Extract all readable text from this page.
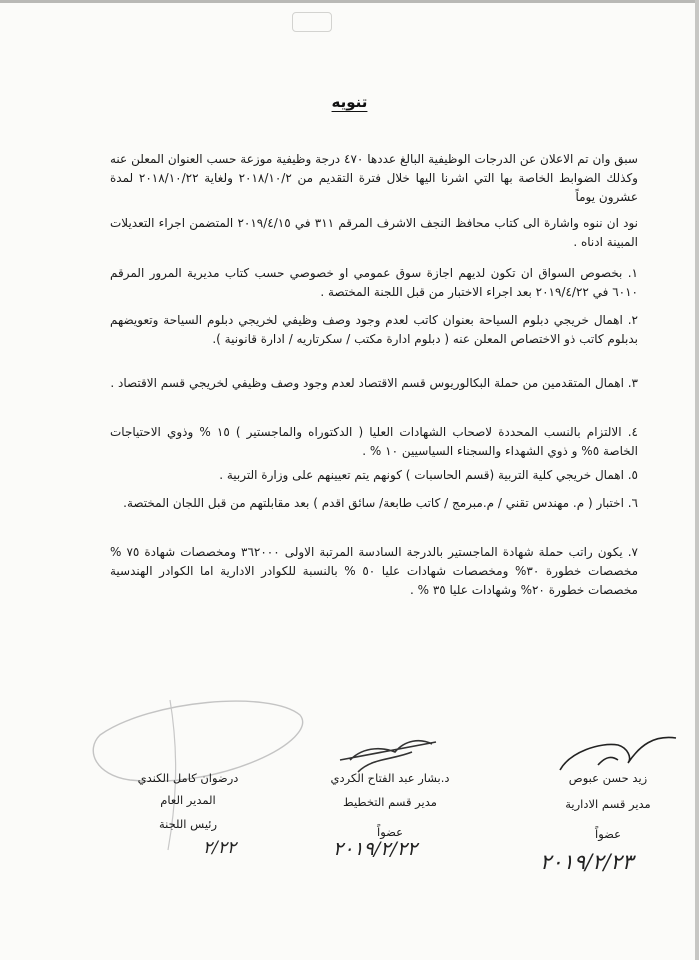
تنويه
سبق وان تم الاعلان عن الدرجات الوظيفية البالغ عددها ٤٧٠ درجة وظيفية موزعة حسب العنوان المعلن عنه وكذلك الضوابط الخاصة بها التي اشرنا اليها خلال فترة التقديم من ٢٠١٨/١٠/٢ ولغاية ٢٠١٨/١٠/٢٢ لمدة عشرون يوماً
نود ان ننوه واشارة الى كتاب محافظ النجف الاشرف المرقم ٣١١ في ٢٠١٩/٤/١٥ المتضمن اجراء التعديلات المبينة ادناه .
١. بخصوص السواق ان تكون لديهم اجازة سوق عمومي او خصوصي حسب كتاب مديرية المرور المرقم ٦٠١٠ في ٢٠١٩/٤/٢٢ بعد اجراء الاختبار من قبل اللجنة المختصة .
٢. اهمال خريجي دبلوم السياحة بعنوان كاتب لعدم وجود وصف وظيفي لخريجي دبلوم السياحة وتعويضهم بدبلوم كاتب ذو الاختصاص المعلن عنه ( دبلوم ادارة مكتب / سكرتاريه / ادارة قانونية ).
٣. اهمال المتقدمين من حملة البكالوريوس قسم الاقتصاد لعدم وجود وصف وظيفي لخريجي قسم الاقتصاد .
٤. الالتزام بالنسب المحددة لاصحاب الشهادات العليا ( الدكتوراه والماجستير ) ١٥ % وذوي الاحتياجات الخاصة ٥% و ذوي الشهداء والسجناء السياسيين ١٠ % .
٥. اهمال خريجي كلية التربية (قسم الحاسبات ) كونهم يتم تعيينهم على وزارة التربية .
٦. اختبار ( م. مهندس تقني / م.مبرمج / كاتب طابعة/ سائق اقدم ) بعد مقابلتهم من قبل اللجان المختصة.
٧. يكون راتب حملة شهادة الماجستير بالدرجة السادسة المرتبة الاولى ٣٦٢٠٠٠ ومخصصات شهادة ٧٥ % مخصصات خطورة ٣٠% ومخصصات شهادات عليا ٥٠ % بالنسبة للكوادر الادارية اما الكوادر الهندسية مخصصات خطورة ٢٠% وشهادات عليا ٣٥ % .
درضوان كامل الكندي
المدير العام
رئيس اللجنة
٢/٢٢
د.بشار عبد الفتاح الكردي
مدير قسم التخطيط
عضواً
٢٠١٩/٢/٢٢
زيد حسن عبوص
مدير قسم الادارية
عضواً
٢٠١٩/٢/٢٣
